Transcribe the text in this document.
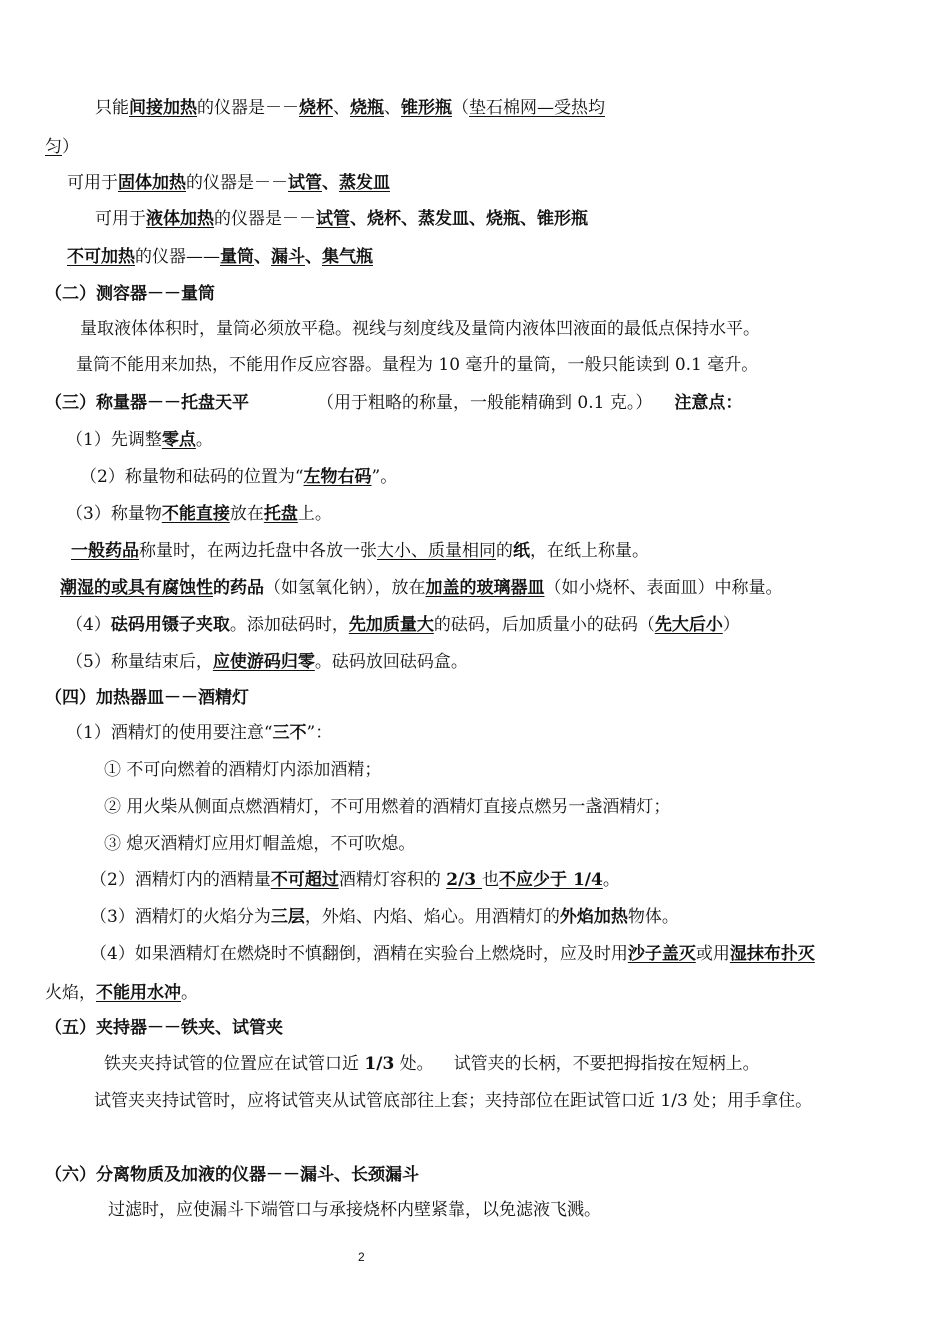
只能间接加热的仪器是－－烧杯、烧瓶、锥形瓶（垫石棉网—受热均
匀）
可用于固体加热的仪器是－－试管、蒸发皿
可用于液体加热的仪器是－－试管、烧杯、蒸发皿、烧瓶、锥形瓶
不可加热的仪器——量筒、漏斗、集气瓶
（二）测容器－－量筒
量取液体体积时，量筒必须放平稳。视线与刻度线及量筒内液体凹液面的最低点保持水平。
量筒不能用来加热，不能用作反应容器。量程为 10 毫升的量筒，一般只能读到 0.1 毫升。
（三）称量器－－托盘天平	（用于粗略的称量，一般能精确到 0.1 克。） 注意点：
（1）先调整零点。
（2）称量物和砝码的位置为“左物右码”。
（3）称量物不能直接放在托盘上。
一般药品称量时，在两边托盘中各放一张大小、质量相同的纸，在纸上称量。
潮湿的或具有腐蚀性的药品（如氢氧化钠），放在加盖的玻璃器皿（如小烧杯、表面皿）中称量。
（4）砝码用镊子夹取。添加砝码时，先加质量大的砝码，后加质量小的砝码（先大后小）
（5）称量结束后，应使游码归零。砝码放回砝码盒。
（四）加热器皿－－酒精灯
（1）酒精灯的使用要注意“三不”：
① 不可向燃着的酒精灯内添加酒精；
② 用火柴从侧面点燃酒精灯，不可用燃着的酒精灯直接点燃另一盏酒精灯；
③ 熄灭酒精灯应用灯帽盖熄，不可吹熄。
（2）酒精灯内的酒精量不可超过酒精灯容积的 2/3 也不应少于 1/4。
（3）酒精灯的火焰分为三层，外焰、内焰、焰心。用酒精灯的外焰加热物体。
（4）如果酒精灯在燃烧时不慎翻倒，酒精在实验台上燃烧时，应及时用沙子盖灭或用湿抹布扑灭
火焰，不能用水冲。
（五）夹持器－－铁夹、试管夹
铁夹夹持试管的位置应在试管口近 1/3 处。 试管夹的长柄，不要把拇指按在短柄上。
试管夹夹持试管时，应将试管夹从试管底部往上套；夹持部位在距试管口近 1/3 处；用手拿住。
（六）分离物质及加液的仪器－－漏斗、长颈漏斗
过滤时，应使漏斗下端管口与承接烧杯内壁紧靠，以免滤液飞溅。
2
